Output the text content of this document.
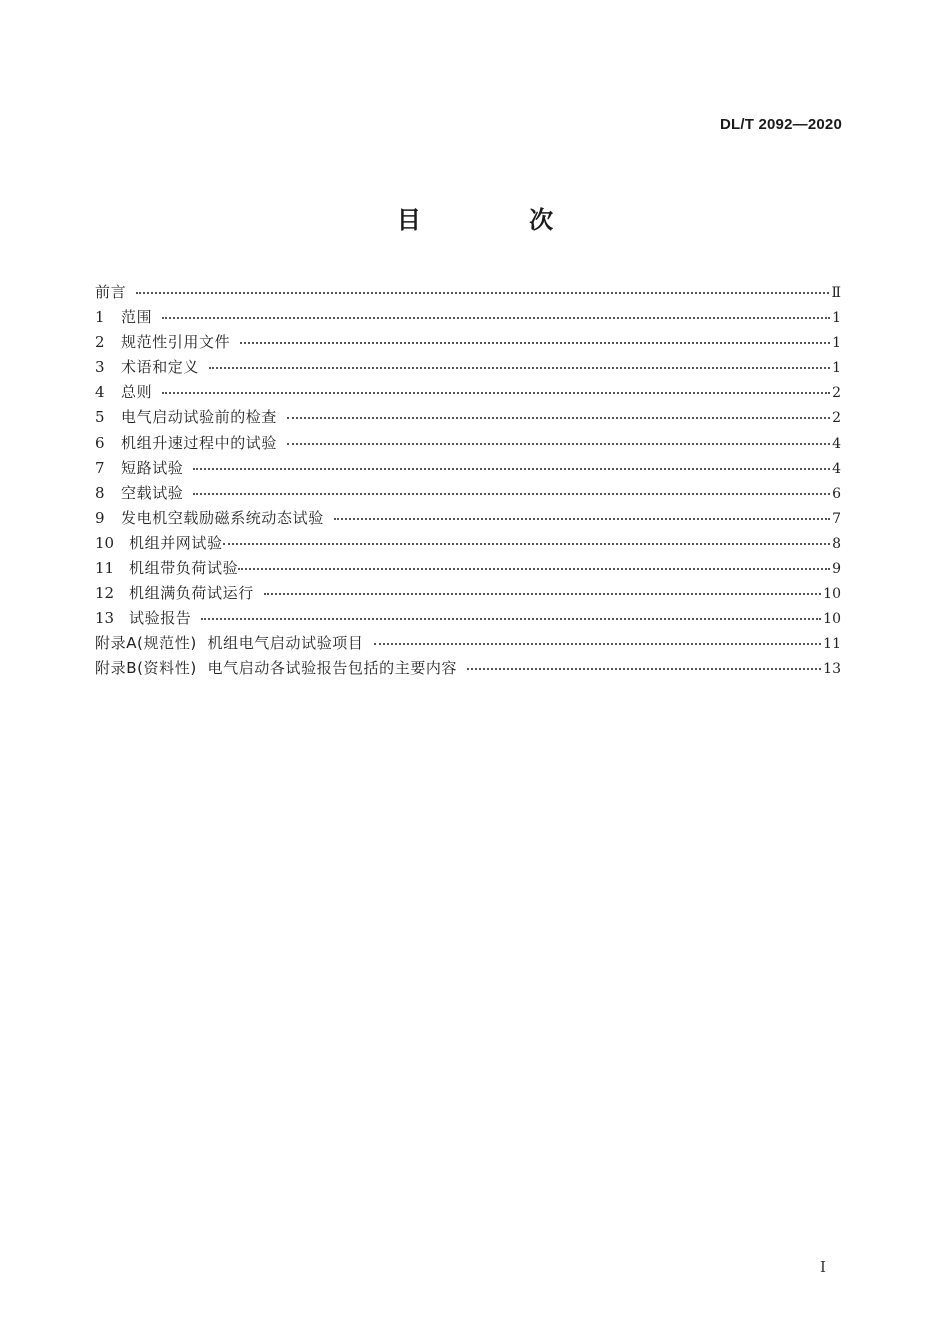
DL/T 2092—2020
目 次
前言	Ⅱ
1	范围	1
2	规范性引用文件	1
3	术语和定义	1
4	总则	2
5	电气启动试验前的检查	2
6	机组升速过程中的试验	4
7	短路试验	4
8	空载试验	6
9	发电机空载励磁系统动态试验	7
10 机组并网试验	8
11 机组带负荷试验	9
12 机组满负荷试运行	10
13 试验报告	10
附录A(规范性)  机组电气启动试验项目	11
附录B(资料性)  电气启动各试验报告包括的主要内容	13
I
